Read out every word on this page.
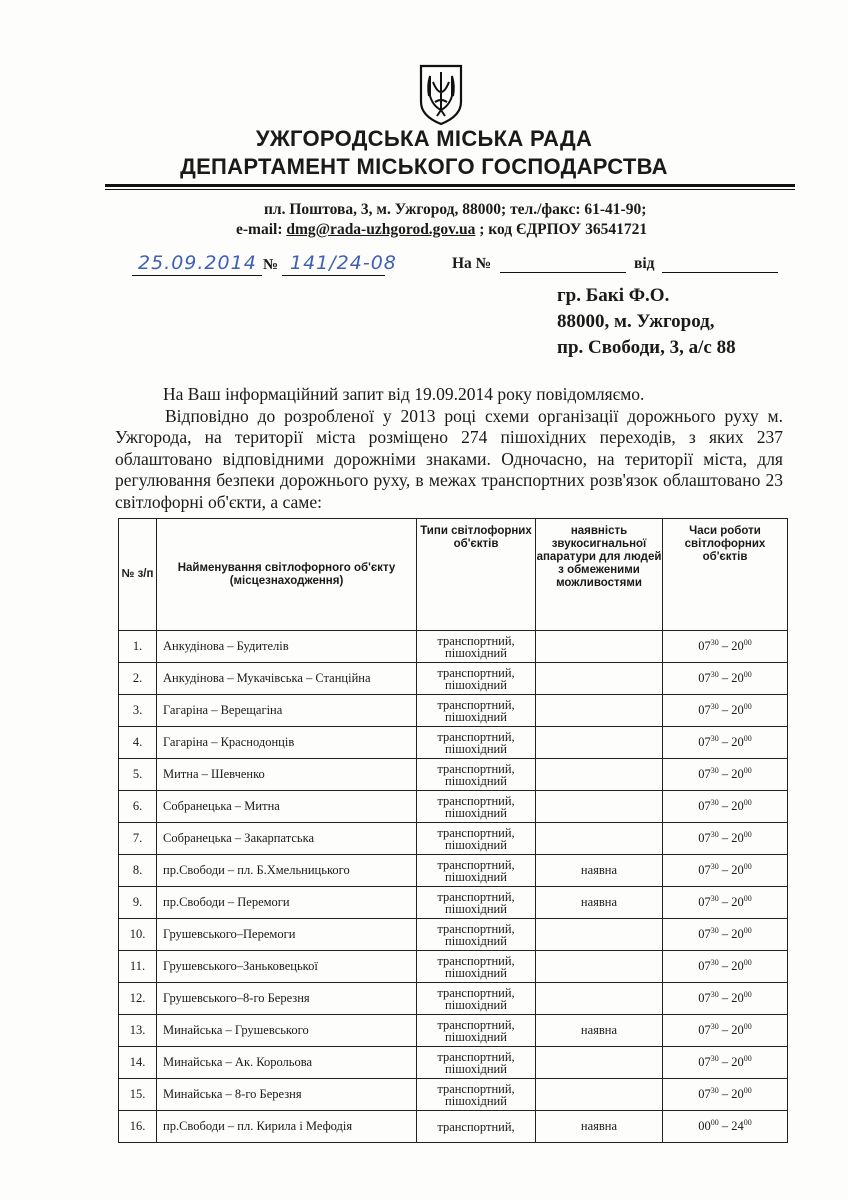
УЖГОРОДСЬКА МІСЬКА РАДА
ДЕПАРТАМЕНТ МІСЬКОГО ГОСПОДАРСТВА
пл. Поштова, 3, м. Ужгород, 88000; тел./факс: 61-41-90;
e-mail: dmg@rada-uzhgorod.gov.ua ; код ЄДРПОУ 36541721
25.09.2014 № 141/24-08	На №	від
гр. Бакі Ф.О.
88000, м. Ужгород,
пр. Свободи, 3, а/с 88

На Ваш інформаційний запит від 19.09.2014 року повідомляємо.

Відповідно до розробленої у 2013 році схеми організації дорожнього руху м. Ужгорода, на території міста розміщено 274 пішохідних переходів, з яких 237 облаштовано відповідними дорожніми знаками. Одночасно, на території міста, для регулювання безпеки дорожнього руху, в межах транспортних розв'язок облаштовано 23 світлофорні об'єкти, а саме:

№ з/п	Найменування світлофорного об'єкту (місцезнаходження)	Типи світлофорних об'єктів	наявність звукосигнальної апаратури для людей з обмеженими можливостями	Часи роботи світлофорних об'єктів
1.	Анкудінова – Будителів	транспортний, пішохідний		$07^{30} - 20^{00}$
2.	Анкудінова – Мукачівська – Станційна	транспортний, пішохідний		$07^{30} - 20^{00}$
3.	Гагаріна – Верещагіна	транспортний, пішохідний		$07^{30} - 20^{00}$
4.	Гагаріна – Краснодонців	транспортний, пішохідний		$07^{30} - 20^{00}$
5.	Митна – Шевченко	транспортний, пішохідний		$07^{30} - 20^{00}$
6.	Собранецька – Митна	транспортний, пішохідний		$07^{30} - 20^{00}$
7.	Собранецька – Закарпатська	транспортний, пішохідний		$07^{30} - 20^{00}$
8.	пр.Свободи – пл. Б.Хмельницького	транспортний, пішохідний	наявна	$07^{30} - 20^{00}$
9.	пр.Свободи – Перемоги	транспортний, пішохідний	наявна	$07^{30} - 20^{00}$
10.	Грушевського–Перемоги	транспортний, пішохідний		$07^{30} - 20^{00}$
11.	Грушевського–Заньковецької	транспортний, пішохідний		$07^{30} - 20^{00}$
12.	Грушевського–8-го Березня	транспортний, пішохідний		$07^{30} - 20^{00}$
13.	Минайська – Грушевського	транспортний, пішохідний	наявна	$07^{30} - 20^{00}$
14.	Минайська – Ак. Корольова	транспортний, пішохідний		$07^{30} - 20^{00}$
15.	Минайська – 8-го Березня	транспортний, пішохідний		$07^{30} - 20^{00}$
16.	пр.Свободи – пл. Кирила і Мефодія	транспортний,	наявна	$00^{00} - 24^{00}$
